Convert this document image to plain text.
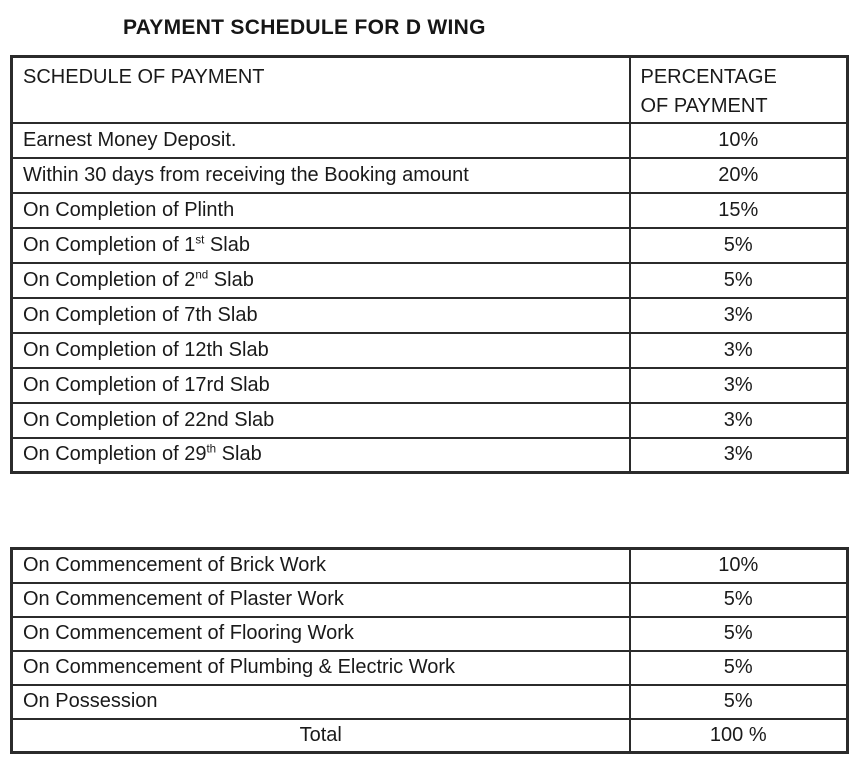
PAYMENT SCHEDULE FOR D WING
SCHEDULE OF PAYMENT	PERCENTAGE
OF PAYMENT

Earnest Money Deposit.	10%
Within 30 days from receiving the Booking amount	20%
On Completion of Plinth	15%
On Completion of 1st Slab	5%
On Completion of 2nd Slab	5%
On Completion of 7th Slab	3%
On Completion of 12th Slab	3%
On Completion of 17rd Slab	3%
On Completion of 22nd Slab	3%
On Completion of 29th Slab	3%
On Commencement of Brick Work	10%
On Commencement of Plaster Work	5%
On Commencement of Flooring Work	5%
On Commencement of Plumbing & Electric Work	5%
On Possession	5%
Total	100 %
